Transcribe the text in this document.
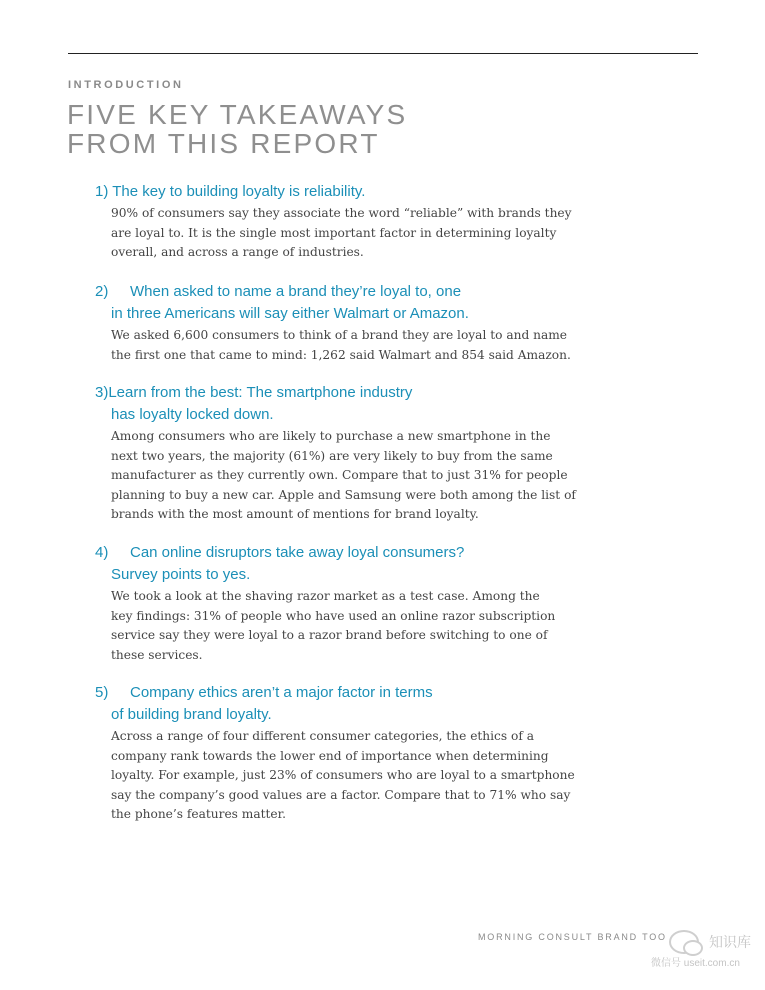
INTRODUCTION
FIVE KEY TAKEAWAYS
FROM THIS REPORT
1) The key to building loyalty is reliability.
90% of consumers say they associate the word “reliable” with brands they
are loyal to. It is the single most important factor in determining loyalty
overall, and across a range of industries.
2) When asked to name a brand they’re loyal to, one
in three Americans will say either Walmart or Amazon.
We asked 6,600 consumers to think of a brand they are loyal to and name
the first one that came to mind: 1,262 said Walmart and 854 said Amazon.
3)Learn from the best: The smartphone industry
has loyalty locked down.
Among consumers who are likely to purchase a new smartphone in the
next two years, the majority (61%) are very likely to buy from the same
manufacturer as they currently own. Compare that to just 31% for people
planning to buy a new car. Apple and Samsung were both among the list of
brands with the most amount of mentions for brand loyalty.
4) Can online disruptors take away loyal consumers?
Survey points to yes.
We took a look at the shaving razor market as a test case. Among the
key findings: 31% of people who have used an online razor subscription
service say they were loyal to a razor brand before switching to one of
these services.
5) Company ethics aren’t a major factor in terms
of building brand loyalty.
Across a range of four different consumer categories, the ethics of a
company rank towards the lower end of importance when determining
loyalty. For example, just 23% of consumers who are loyal to a smartphone
say the company’s good values are a factor. Compare that to 71% who say
the phone’s features matter.
MORNING CONSULT BRAND TOO	知识库
微信号 useit.com.cn
